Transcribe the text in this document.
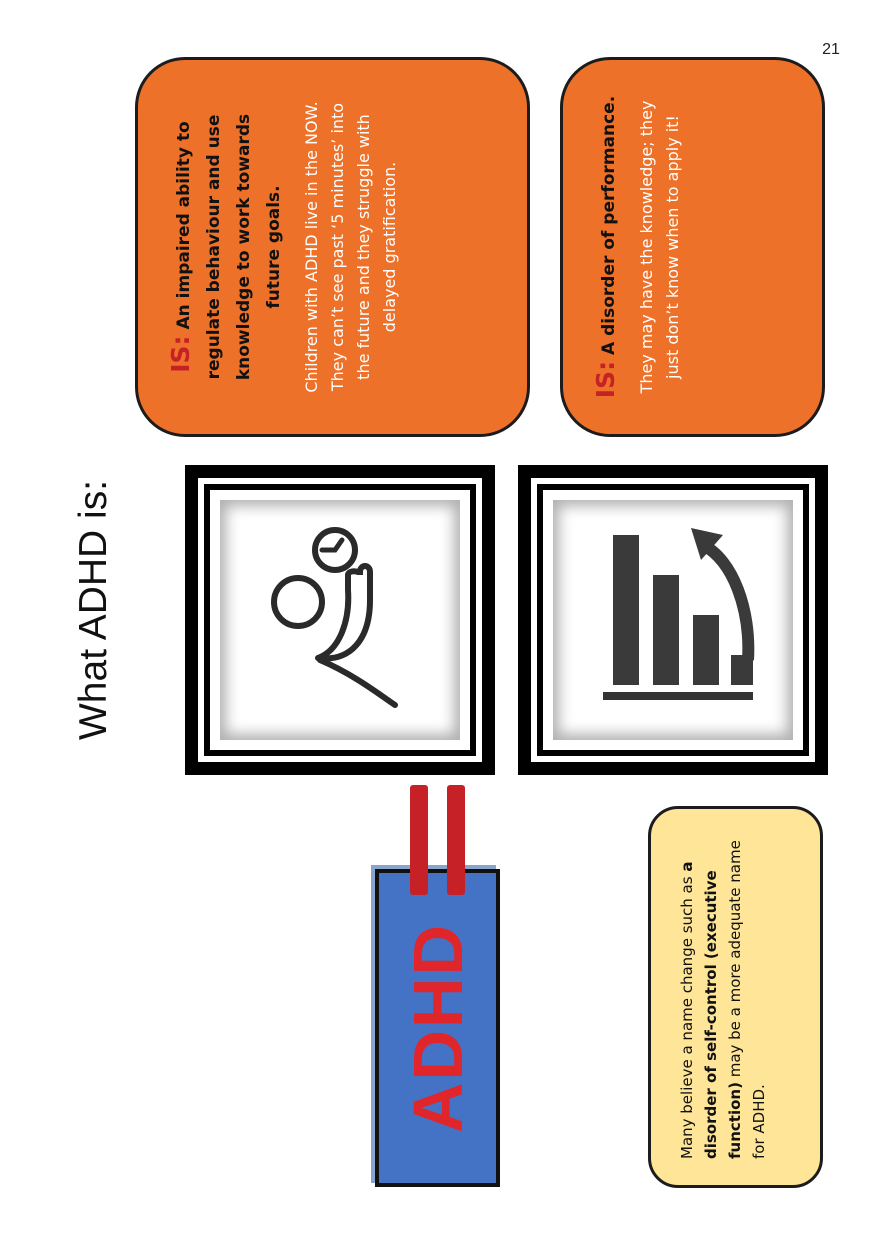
21
What ADHD is:
IS: An impaired ability to regulate behaviour and use knowledge to work towards future goals.	Children with ADHD live in the NOW. They can’t see past ‘5 minutes’ into the future and they struggle with delayed gratification.
IS: A disorder of performance.	They may have the knowledge; they just don’t know when to apply it!
ADHD	Many believe a name change such as a disorder of self-control (executive function) may be a more adequate name for ADHD.
